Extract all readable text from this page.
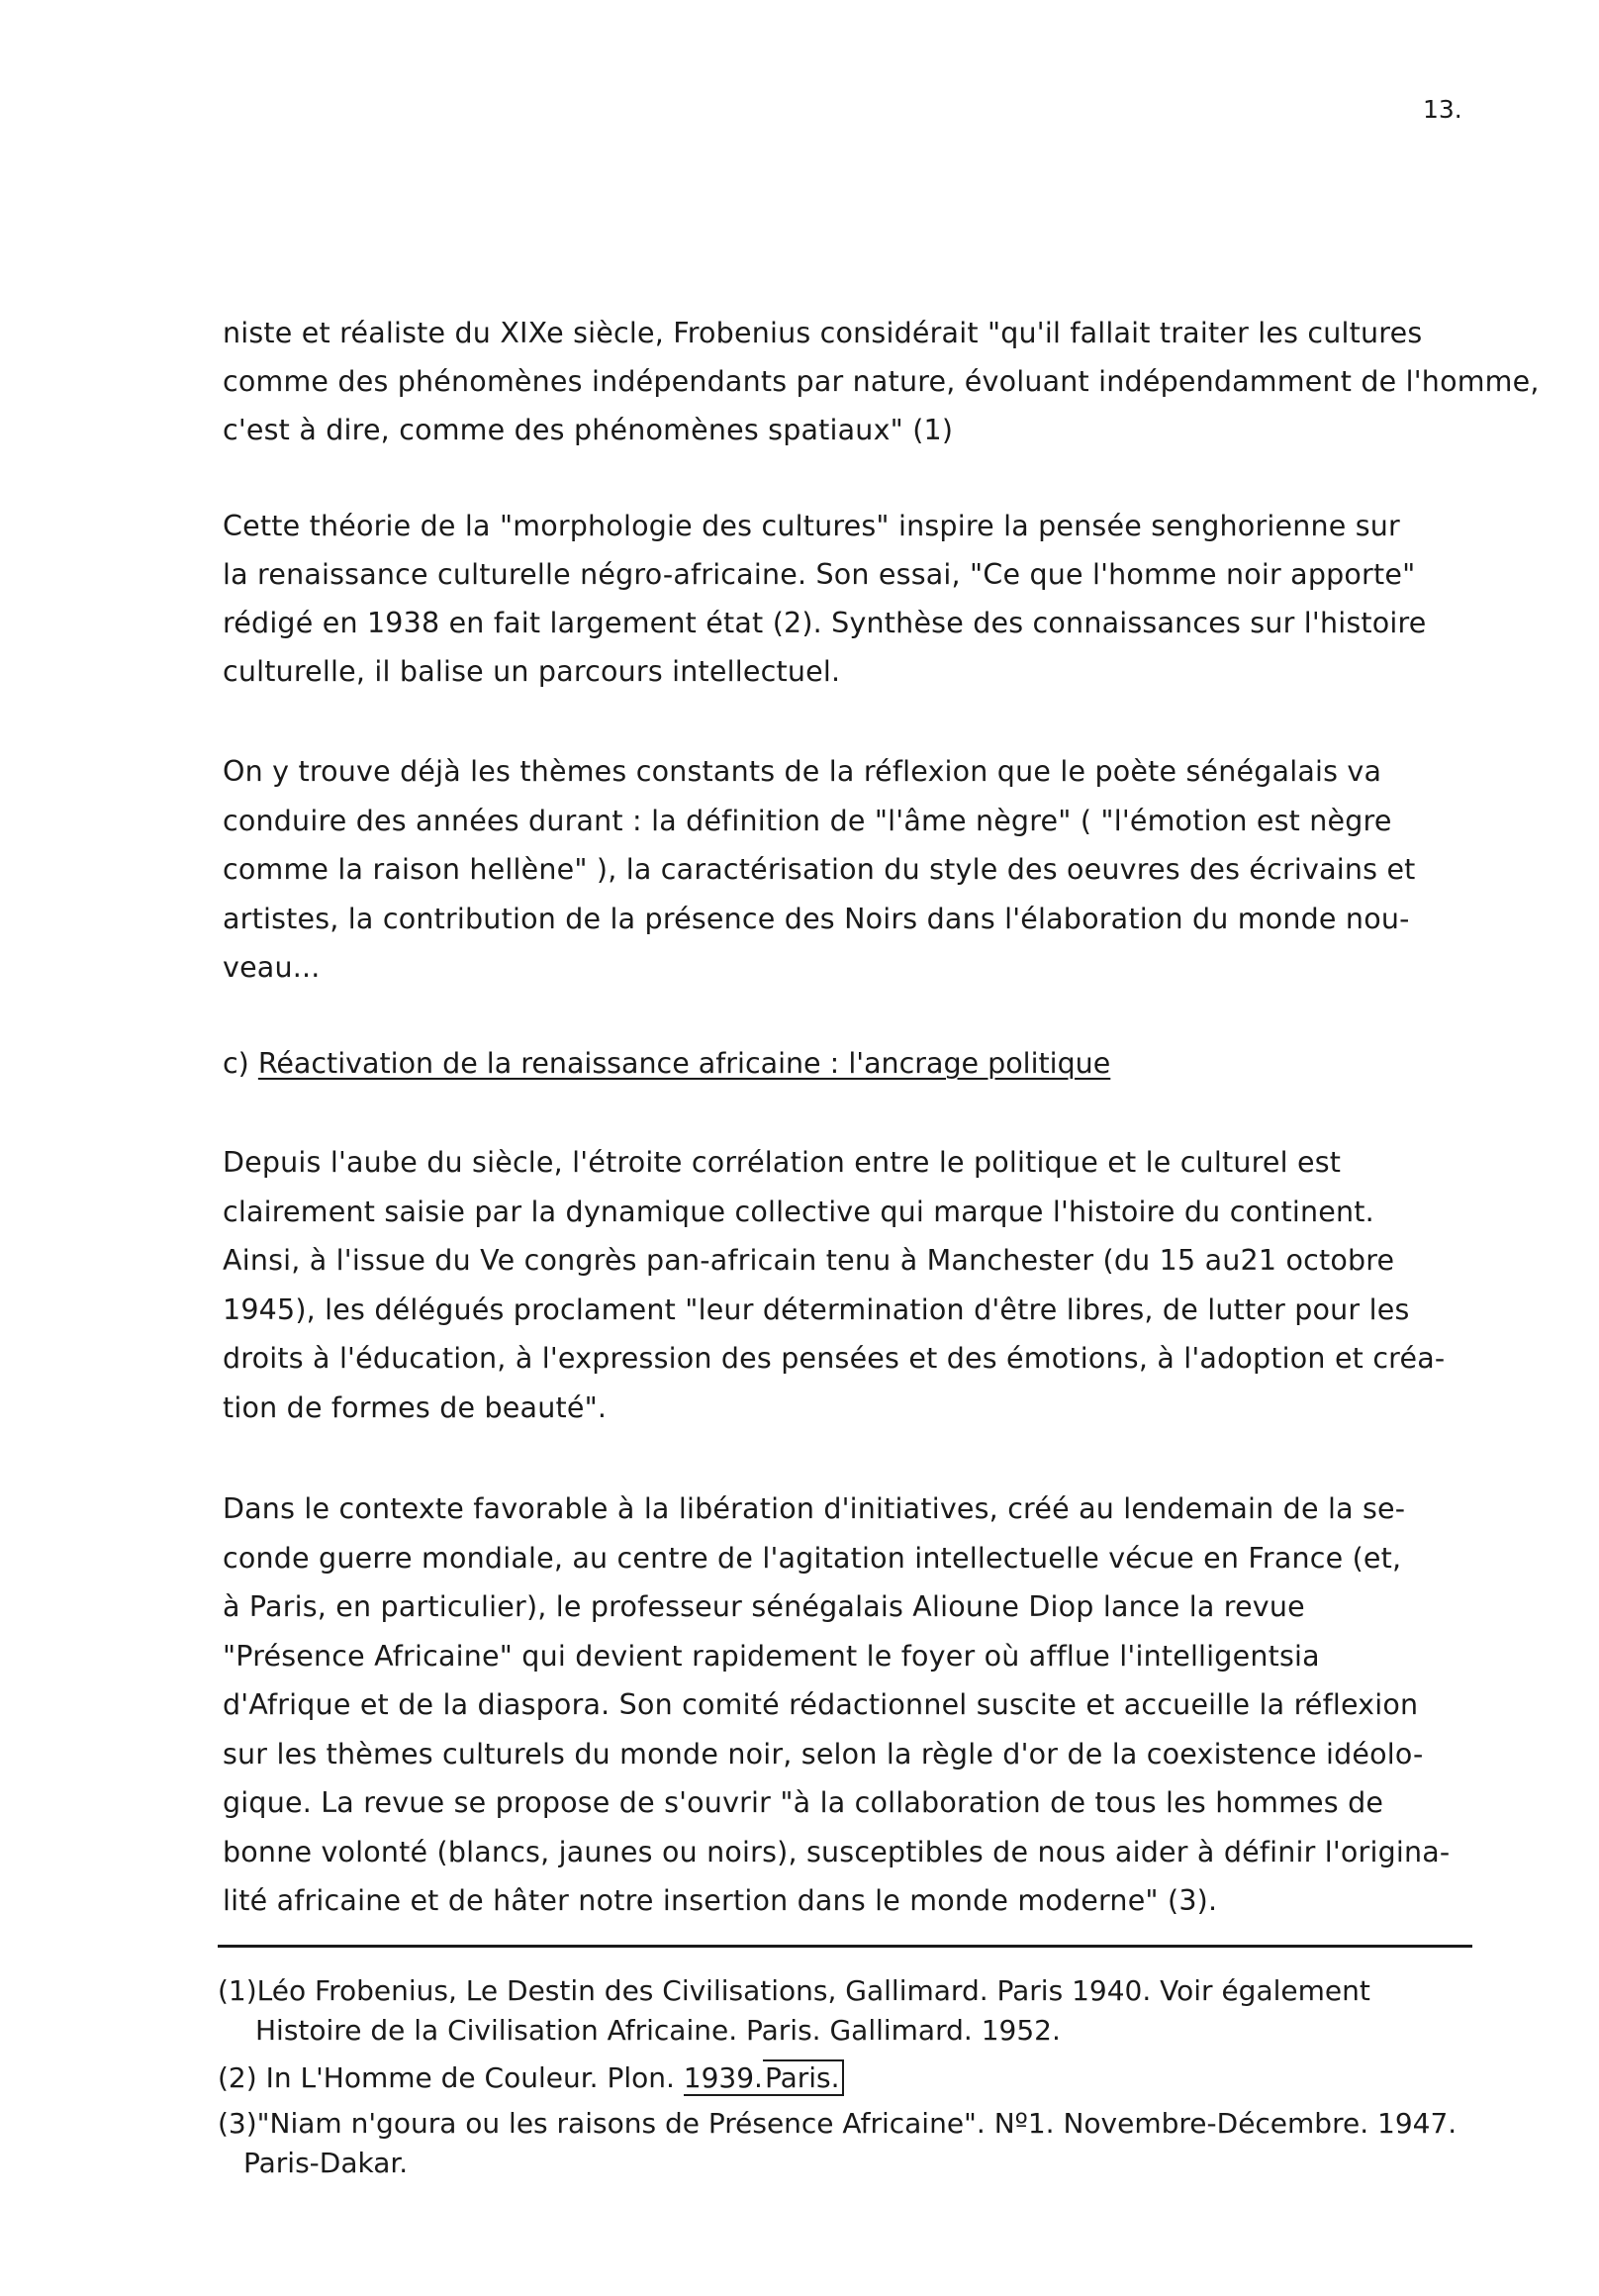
13.
niste et réaliste du XIXe siècle, Frobenius considérait "qu'il fallait traiter les cultures
comme des phénomènes indépendants par nature, évoluant indépendamment de l'homme,
c'est à dire, comme des phénomènes spatiaux" (1)
Cette théorie de la "morphologie des cultures" inspire la pensée senghorienne sur
la renaissance culturelle négro-africaine. Son essai, "Ce que l'homme noir apporte"
rédigé en 1938 en fait largement état (2). Synthèse des connaissances sur l'histoire
culturelle, il balise un parcours intellectuel.
On y trouve déjà les thèmes constants de la réflexion que le poète sénégalais va
conduire des années durant : la définition de "l'âme nègre" ( "l'émotion est nègre
comme la raison hellène" ), la caractérisation du style des oeuvres des écrivains et
artistes, la contribution de la présence des Noirs dans l'élaboration du monde nou-
veau...
c) Réactivation de la renaissance africaine : l'ancrage politique
Depuis l'aube du siècle, l'étroite corrélation entre le politique et le culturel est
clairement saisie par la dynamique collective qui marque l'histoire du continent.
Ainsi, à l'issue du Ve congrès pan-africain tenu à Manchester (du 15 au21 octobre
1945), les délégués proclament "leur détermination d'être libres, de lutter pour les
droits à l'éducation, à l'expression des pensées et des émotions, à l'adoption et créa-
tion de formes de beauté".
Dans le contexte favorable à la libération d'initiatives, créé au lendemain de la se-
conde guerre mondiale, au centre de l'agitation intellectuelle vécue en France (et,
à Paris, en particulier), le professeur sénégalais Alioune Diop lance la revue
"Présence Africaine" qui devient rapidement le foyer où afflue l'intelligentsia
d'Afrique et de la diaspora. Son comité rédactionnel suscite et accueille la réflexion
sur les thèmes culturels du monde noir, selon la règle d'or de la coexistence idéolo-
gique. La revue se propose de s'ouvrir "à la collaboration de tous les hommes de
bonne volonté (blancs, jaunes ou noirs), susceptibles de nous aider à définir l'origina-
lité africaine et de hâter notre insertion dans le monde moderne" (3).
(1)Léo Frobenius, Le Destin des Civilisations, Gallimard. Paris 1940. Voir également
Histoire de la Civilisation Africaine. Paris. Gallimard. 1952.
(2) In L'Homme de Couleur. Plon. 1939.Paris.
(3)"Niam n'goura ou les raisons de Présence Africaine". Nº1. Novembre-Décembre. 1947.
Paris-Dakar.
